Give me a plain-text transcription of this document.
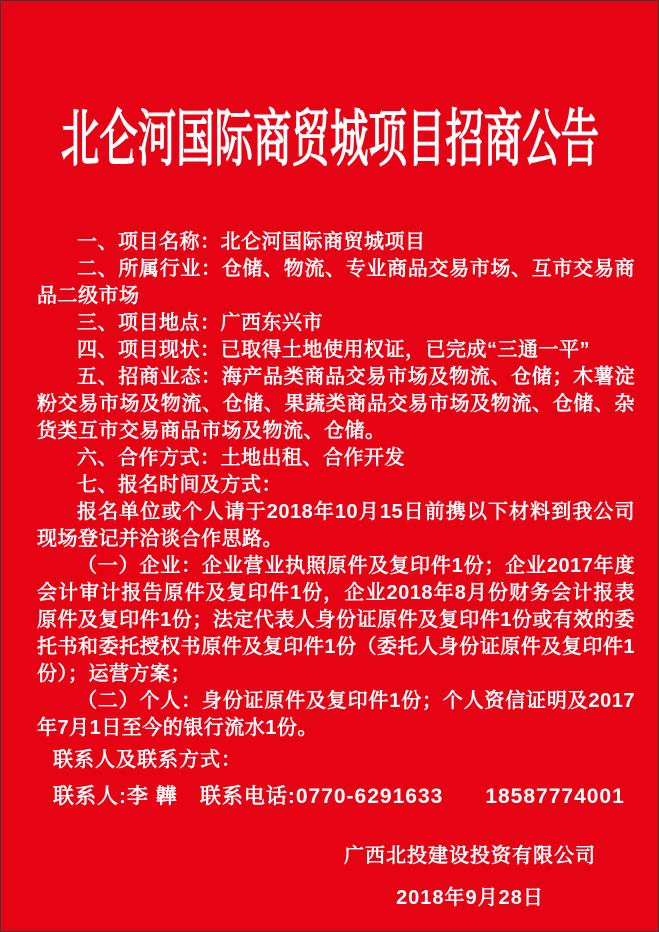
北仑河国际商贸城项目招商公告

一、项目名称：北仑河国际商贸城项目

二、所属行业：仓储、物流、专业商品交易市场、互市交易商品二级市场

三、项目地点：广西东兴市

四、项目现状：已取得土地使用权证，已完成“三通一平”

五、招商业态：海产品类商品交易市场及物流、仓储；木薯淀粉交易市场及物流、仓储、果蔬类商品交易市场及物流、仓储、杂货类互市交易商品市场及物流、仓储。

六、合作方式：土地出租、合作开发

七、报名时间及方式：

报名单位或个人请于2018年10月15日前携以下材料到我公司现场登记并洽谈合作思路。

（一）企业：企业营业执照原件及复印件1份；企业2017年度会计审计报告原件及复印件1份，企业2018年8月份财务会计报表原件及复印件1份；法定代表人身份证原件及复印件1份或有效的委托书和委托授权书原件及复印件1份（委托人身份证原件及复印件1份）；运营方案；

（二）个人：身份证原件及复印件1份；个人资信证明及2017年7月1日至今的银行流水1份。

联系人及联系方式：

联系人:李 韡 联系电话:0770-6291633 18587774001

广西北投建设投资有限公司

2018年9月28日
